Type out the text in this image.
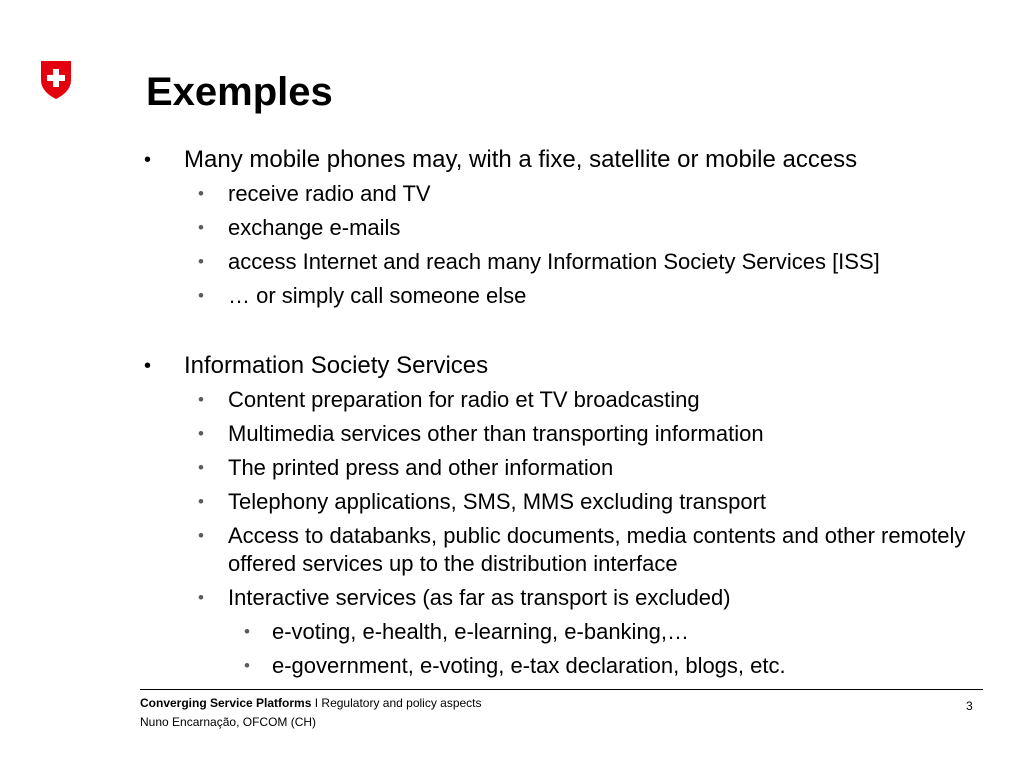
Exemples
• Many mobile phones may, with a fixe, satellite or mobile access
• receive radio and TV
• exchange e-mails
• access Internet and reach many Information Society Services [ISS]
• … or simply call someone else
• Information Society Services
• Content preparation for radio et TV broadcasting
• Multimedia services other than transporting information
• The printed press and other information
• Telephony applications, SMS, MMS excluding transport
• Access to databanks, public documents, media contents and other remotely offered services up to the distribution interface
• Interactive services (as far as transport is excluded)
• e-voting, e-health, e-learning, e-banking,…
• e-government, e-voting, e-tax declaration, blogs, etc.
Converging Service Platforms I Regulatory and policy aspects
Nuno Encarnação, OFCOM (CH)
3
